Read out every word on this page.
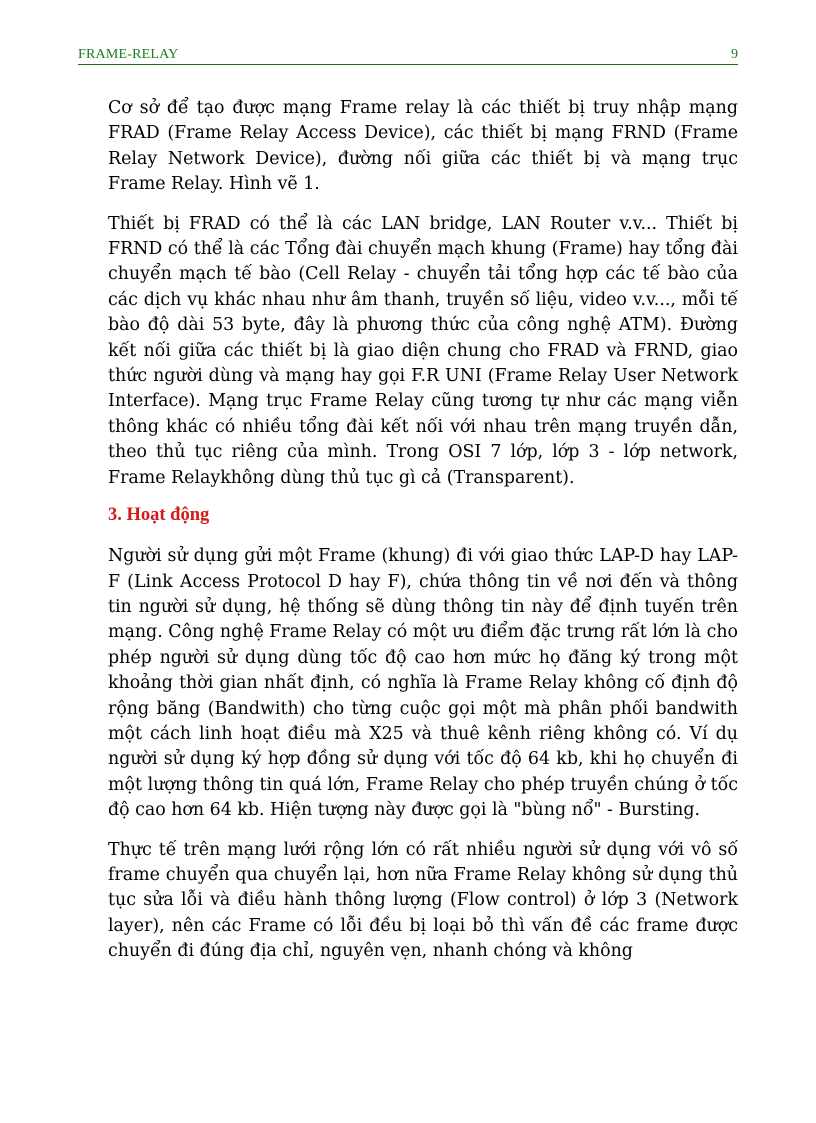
FRAME-RELAY	9

Cơ sở để tạo được mạng Frame relay là các thiết bị truy nhập mạng FRAD (Frame Relay Access Device), các thiết bị mạng FRND (Frame Relay Network Device), đường nối giữa các thiết bị và mạng trục Frame Relay. Hình vẽ 1.

Thiết bị FRAD có thể là các LAN bridge, LAN Router v.v... Thiết bị FRND có thể là các Tổng đài chuyển mạch khung (Frame) hay tổng đài chuyển mạch tế bào (Cell Relay - chuyển tải tổng hợp các tế bào của các dịch vụ khác nhau như âm thanh, truyền số liệu, video v.v..., mỗi tế bào độ dài 53 byte, đây là phương thức của công nghệ ATM). Đường kết nối giữa các thiết bị là giao diện chung cho FRAD và FRND, giao thức người dùng và mạng hay gọi F.R UNI (Frame Relay User Network Interface). Mạng trục Frame Relay cũng tương tự như các mạng viễn thông khác có nhiều tổng đài kết nối với nhau trên mạng truyền dẫn, theo thủ tục riêng của mình. Trong OSI 7 lớp, lớp 3 - lớp network, Frame Relaykhông dùng thủ tục gì cả (Transparent).

3. Hoạt động

Người sử dụng gửi một Frame (khung) đi với giao thức LAP-D hay LAP-F (Link Access Protocol D hay F), chứa thông tin về nơi đến và thông tin người sử dụng, hệ thống sẽ dùng thông tin này để định tuyến trên mạng. Công nghệ Frame Relay có một ưu điểm đặc trưng rất lớn là cho phép người sử dụng dùng tốc độ cao hơn mức họ đăng ký trong một khoảng thời gian nhất định, có nghĩa là Frame Relay không cố định độ rộng băng (Bandwith) cho từng cuộc gọi một mà phân phối bandwith một cách linh hoạt điều mà X25 và thuê kênh riêng không có. Ví dụ người sử dụng ký hợp đồng sử dụng với tốc độ 64 kb, khi họ chuyển đi một lượng thông tin quá lớn, Frame Relay cho phép truyền chúng ở tốc độ cao hơn 64 kb. Hiện tượng này được gọi là "bùng nổ" - Bursting.

Thực tế trên mạng lưới rộng lớn có rất nhiều người sử dụng với vô số frame chuyển qua chuyển lại, hơn nữa Frame Relay không sử dụng thủ tục sửa lỗi và điều hành thông lượng (Flow control) ở lớp 3 (Network layer), nên các Frame có lỗi đều bị loại bỏ thì vấn đề các frame được chuyển đi đúng địa chỉ, nguyên vẹn, nhanh chóng và không
